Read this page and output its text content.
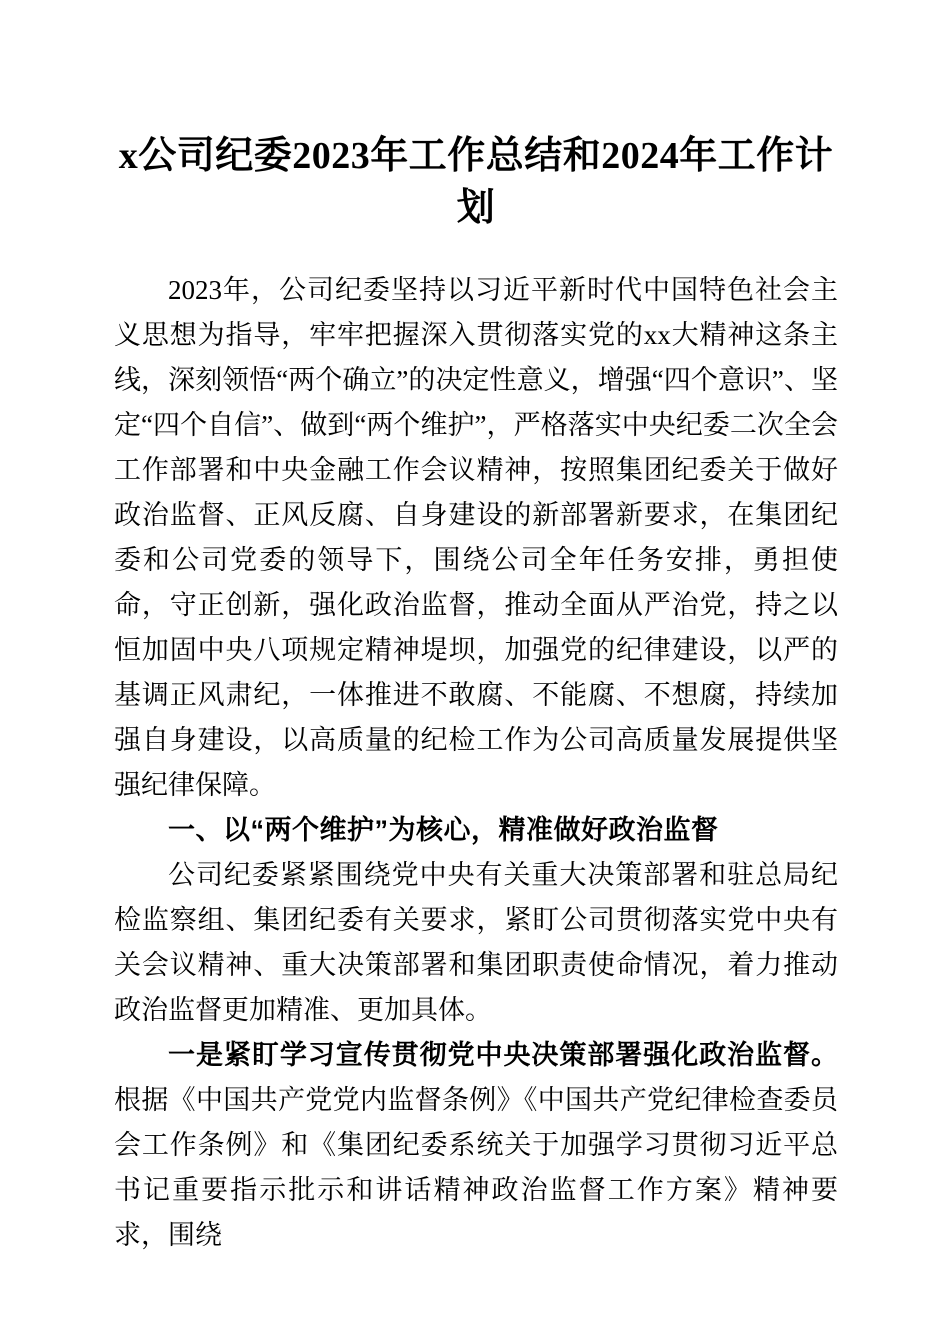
x公司纪委2023年工作总结和2024年工作计划

2023年，公司纪委坚持以习近平新时代中国特色社会主义思想为指导，牢牢把握深入贯彻落实党的xx大精神这条主线，深刻领悟“两个确立”的决定性意义，增强“四个意识”、坚定“四个自信”、做到“两个维护”，严格落实中央纪委二次全会工作部署和中央金融工作会议精神，按照集团纪委关于做好政治监督、正风反腐、自身建设的新部署新要求，在集团纪委和公司党委的领导下，围绕公司全年任务安排，勇担使命，守正创新，强化政治监督，推动全面从严治党，持之以恒加固中央八项规定精神堤坝，加强党的纪律建设，以严的基调正风肃纪，一体推进不敢腐、不能腐、不想腐，持续加强自身建设，以高质量的纪检工作为公司高质量发展提供坚强纪律保障。

一、以“两个维护”为核心，精准做好政治监督

公司纪委紧紧围绕党中央有关重大决策部署和驻总局纪检监察组、集团纪委有关要求，紧盯公司贯彻落实党中央有关会议精神、重大决策部署和集团职责使命情况，着力推动政治监督更加精准、更加具体。

一是紧盯学习宣传贯彻党中央决策部署强化政治监督。根据《中国共产党党内监督条例》《中国共产党纪律检查委员会工作条例》和《集团纪委系统关于加强学习贯彻习近平总书记重要指示批示和讲话精神政治监督工作方案》精神要求，围绕
